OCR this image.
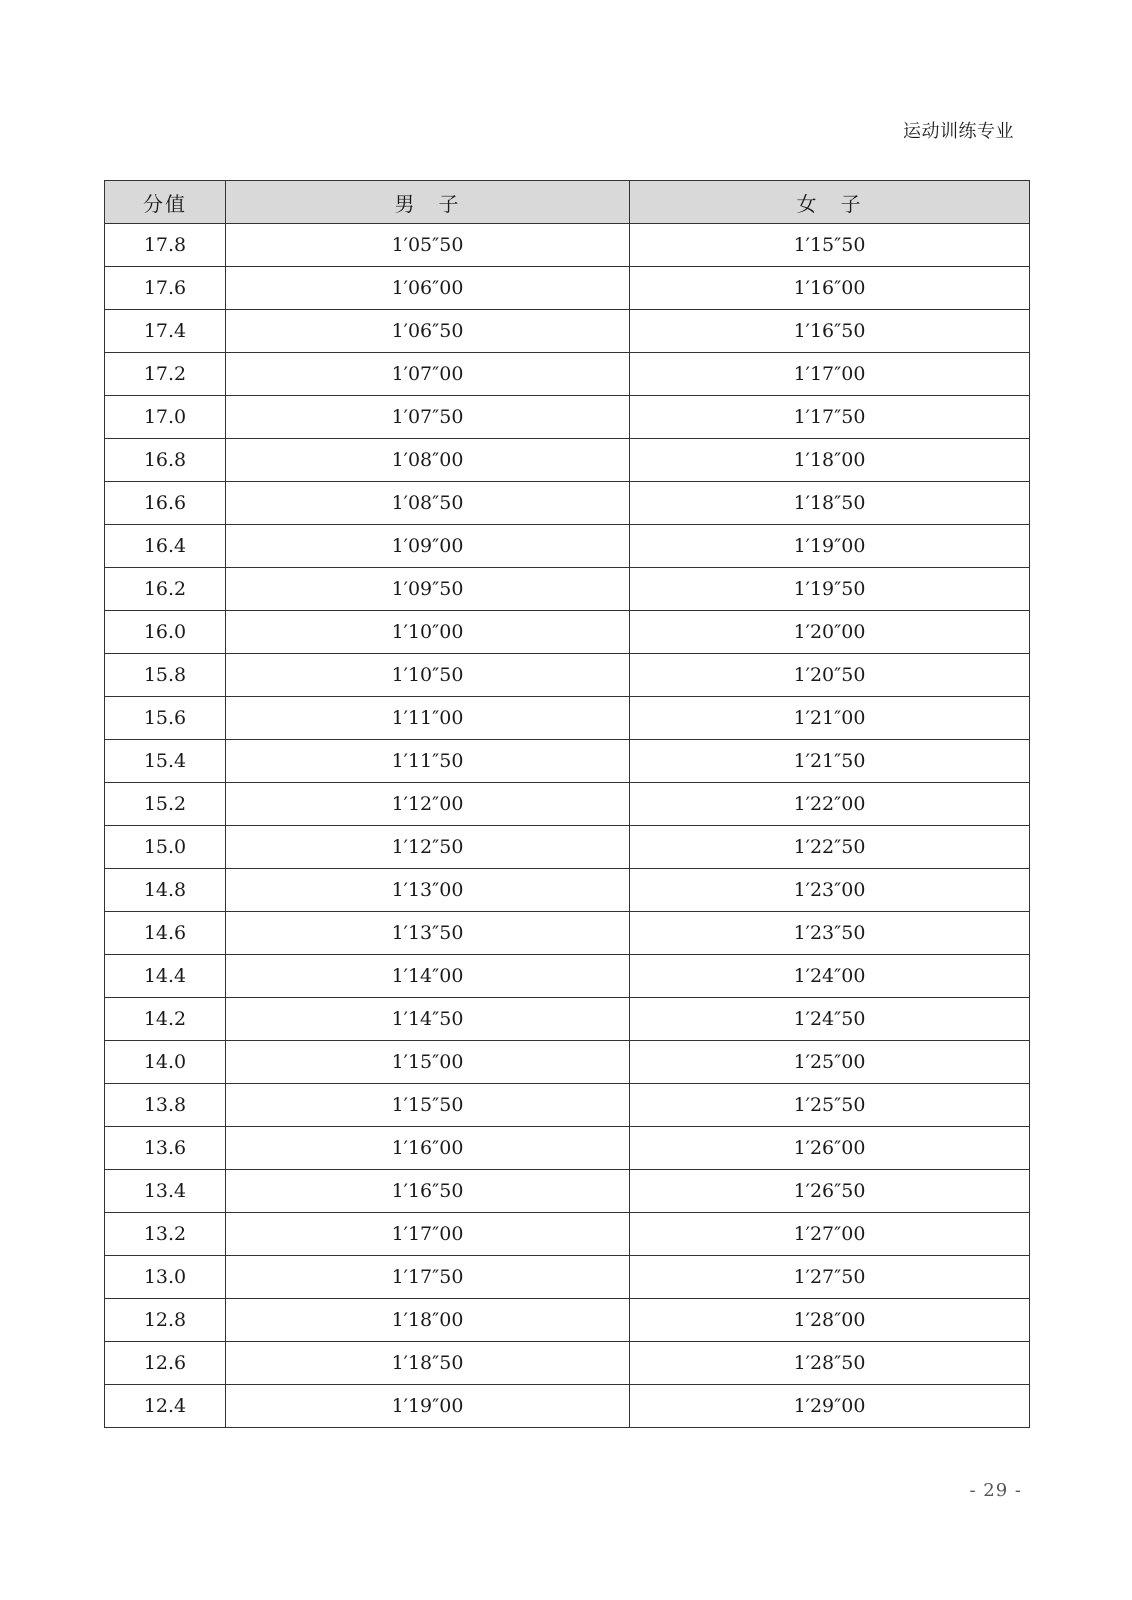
运动训练专业
分值	男　子	女　子
17.8	1′05″50	1′15″50
17.6	1′06″00	1′16″00
17.4	1′06″50	1′16″50
17.2	1′07″00	1′17″00
17.0	1′07″50	1′17″50
16.8	1′08″00	1′18″00
16.6	1′08″50	1′18″50
16.4	1′09″00	1′19″00
16.2	1′09″50	1′19″50
16.0	1′10″00	1′20″00
15.8	1′10″50	1′20″50
15.6	1′11″00	1′21″00
15.4	1′11″50	1′21″50
15.2	1′12″00	1′22″00
15.0	1′12″50	1′22″50
14.8	1′13″00	1′23″00
14.6	1′13″50	1′23″50
14.4	1′14″00	1′24″00
14.2	1′14″50	1′24″50
14.0	1′15″00	1′25″00
13.8	1′15″50	1′25″50
13.6	1′16″00	1′26″00
13.4	1′16″50	1′26″50
13.2	1′17″00	1′27″00
13.0	1′17″50	1′27″50
12.8	1′18″00	1′28″00
12.6	1′18″50	1′28″50
12.4	1′19″00	1′29″00
- 29 -
